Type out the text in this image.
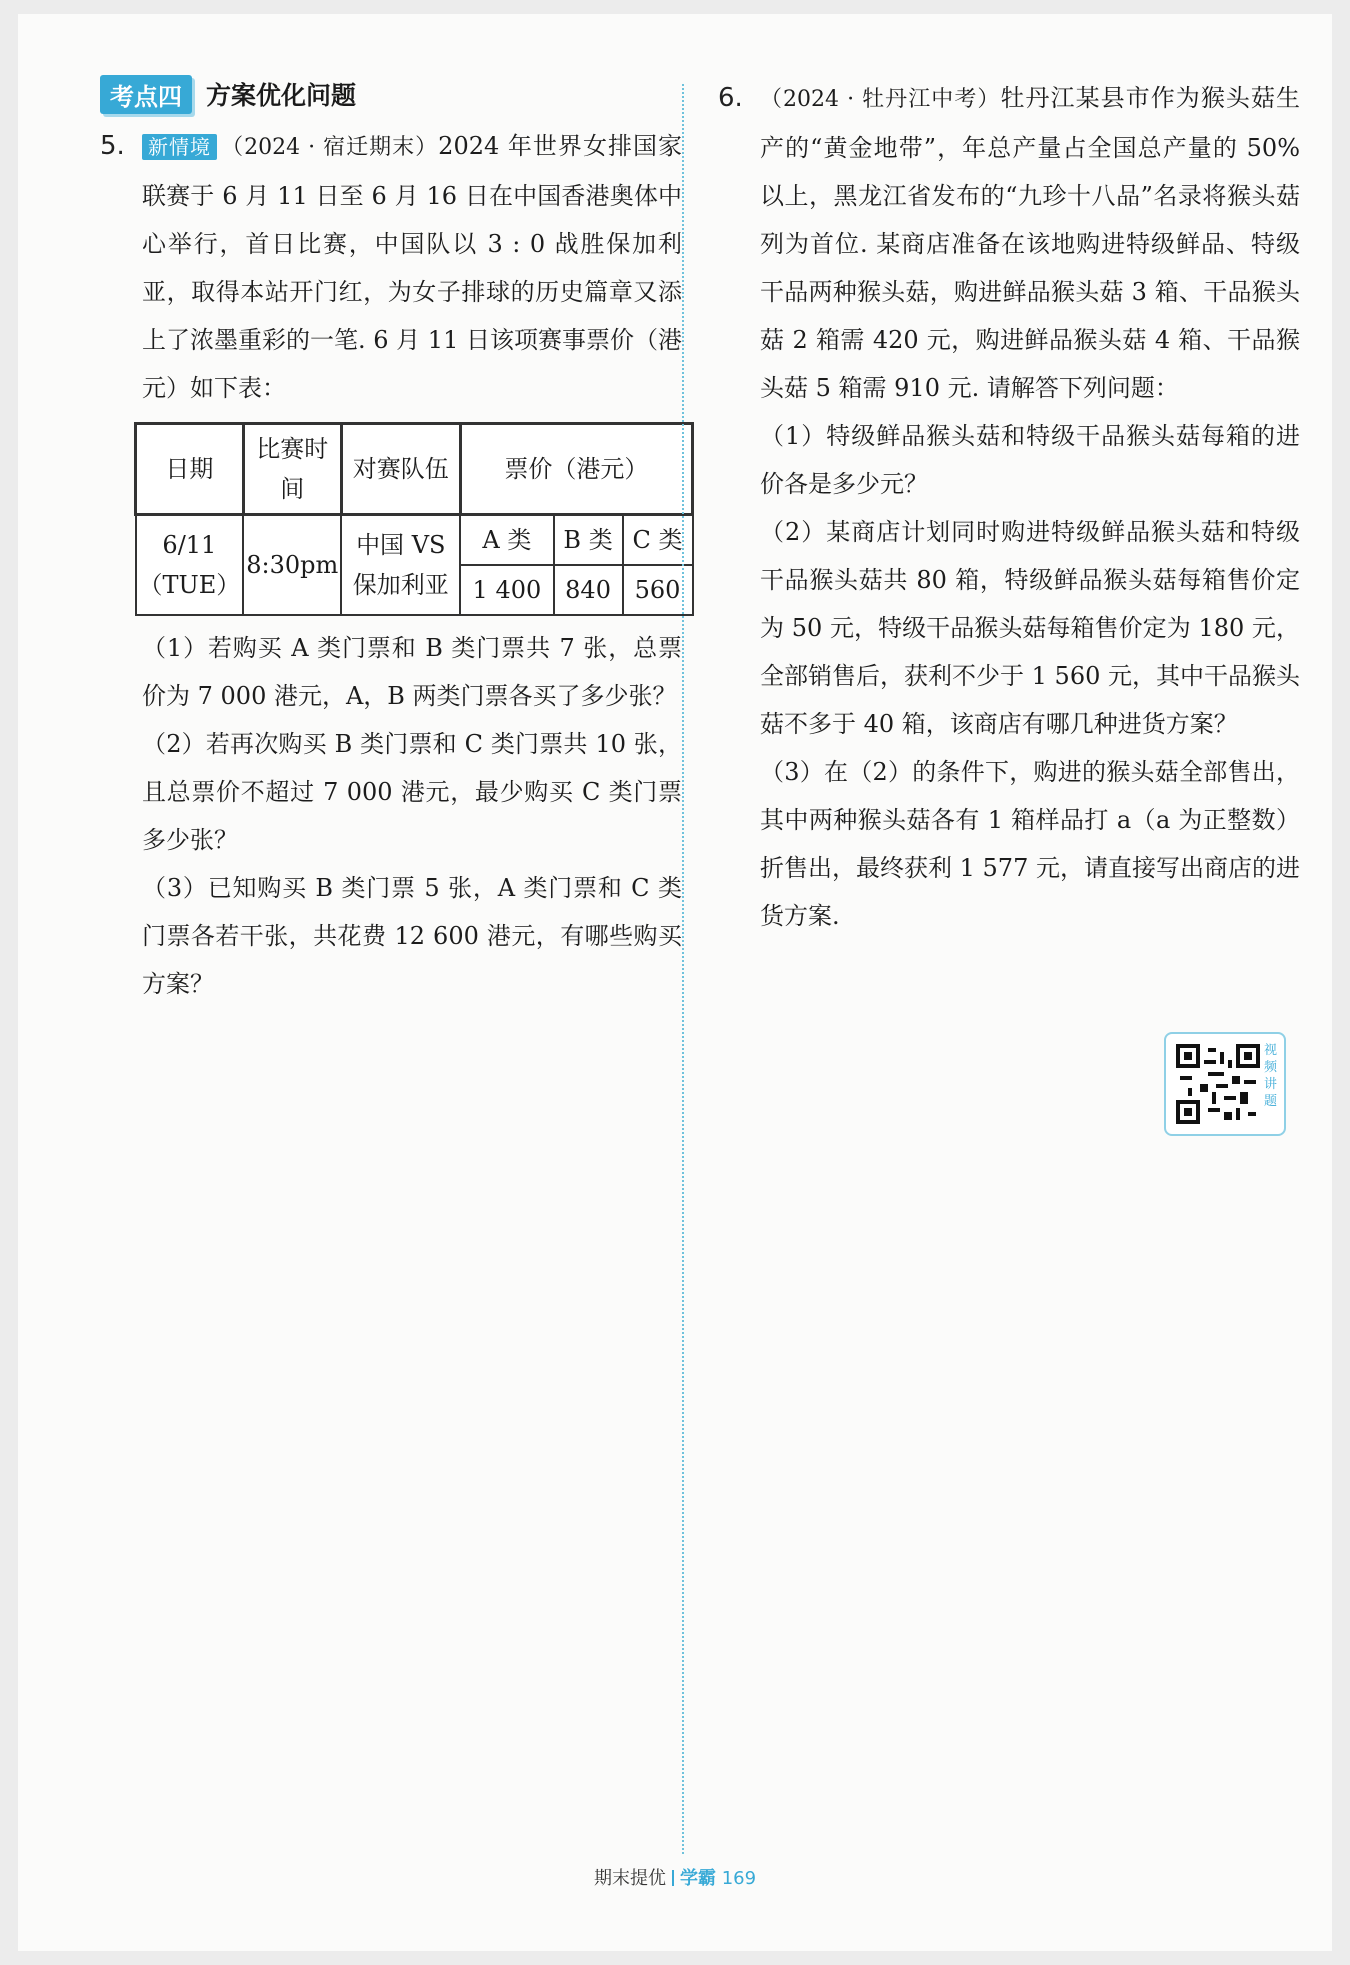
考点四 方案优化问题
5.	新情境 （2024 · 宿迁期末）2024 年世界女排国家联赛于 6 月 11 日至 6 月 16 日在中国香港奥体中心举行，首日比赛，中国队以 3 : 0 战胜保加利亚，取得本站开门红，为女子排球的历史篇章又添上了浓墨重彩的一笔. 6 月 11 日该项赛事票价（港元）如下表：
日期	比赛时间	对赛队伍	票价（港元）		
6/11（TUE）	8:30pm	中国 VS 保加利亚	A 类	B 类	C 类
			1 400	840	560
（1）若购买 A 类门票和 B 类门票共 7 张，总票价为 7 000 港元，A，B 两类门票各买了多少张？
（2）若再次购买 B 类门票和 C 类门票共 10 张，且总票价不超过 7 000 港元，最少购买 C 类门票多少张？
（3）已知购买 B 类门票 5 张，A 类门票和 C 类门票各若干张，共花费 12 600 港元，有哪些购买方案？
6. （2024 · 牡丹江中考）牡丹江某县市作为猴头菇生产的“黄金地带”，年总产量占全国总产量的 50% 以上，黑龙江省发布的“九珍十八品”名录将猴头菇列为首位. 某商店准备在该地购进特级鲜品、特级干品两种猴头菇，购进鲜品猴头菇 3 箱、干品猴头菇 2 箱需 420 元，购进鲜品猴头菇 4 箱、干品猴头菇 5 箱需 910 元. 请解答下列问题：
（1）特级鲜品猴头菇和特级干品猴头菇每箱的进价各是多少元？
（2）某商店计划同时购进特级鲜品猴头菇和特级干品猴头菇共 80 箱，特级鲜品猴头菇每箱售价定为 50 元，特级干品猴头菇每箱售价定为 180 元，全部销售后，获利不少于 1 560 元，其中干品猴头菇不多于 40 箱，该商店有哪几种进货方案？
（3）在（2）的条件下，购进的猴头菇全部售出，其中两种猴头菇各有 1 箱样品打 a（a 为正整数）折售出，最终获利 1 577 元，请直接写出商店的进货方案.
视频讲题
期末提优 学霸 169
